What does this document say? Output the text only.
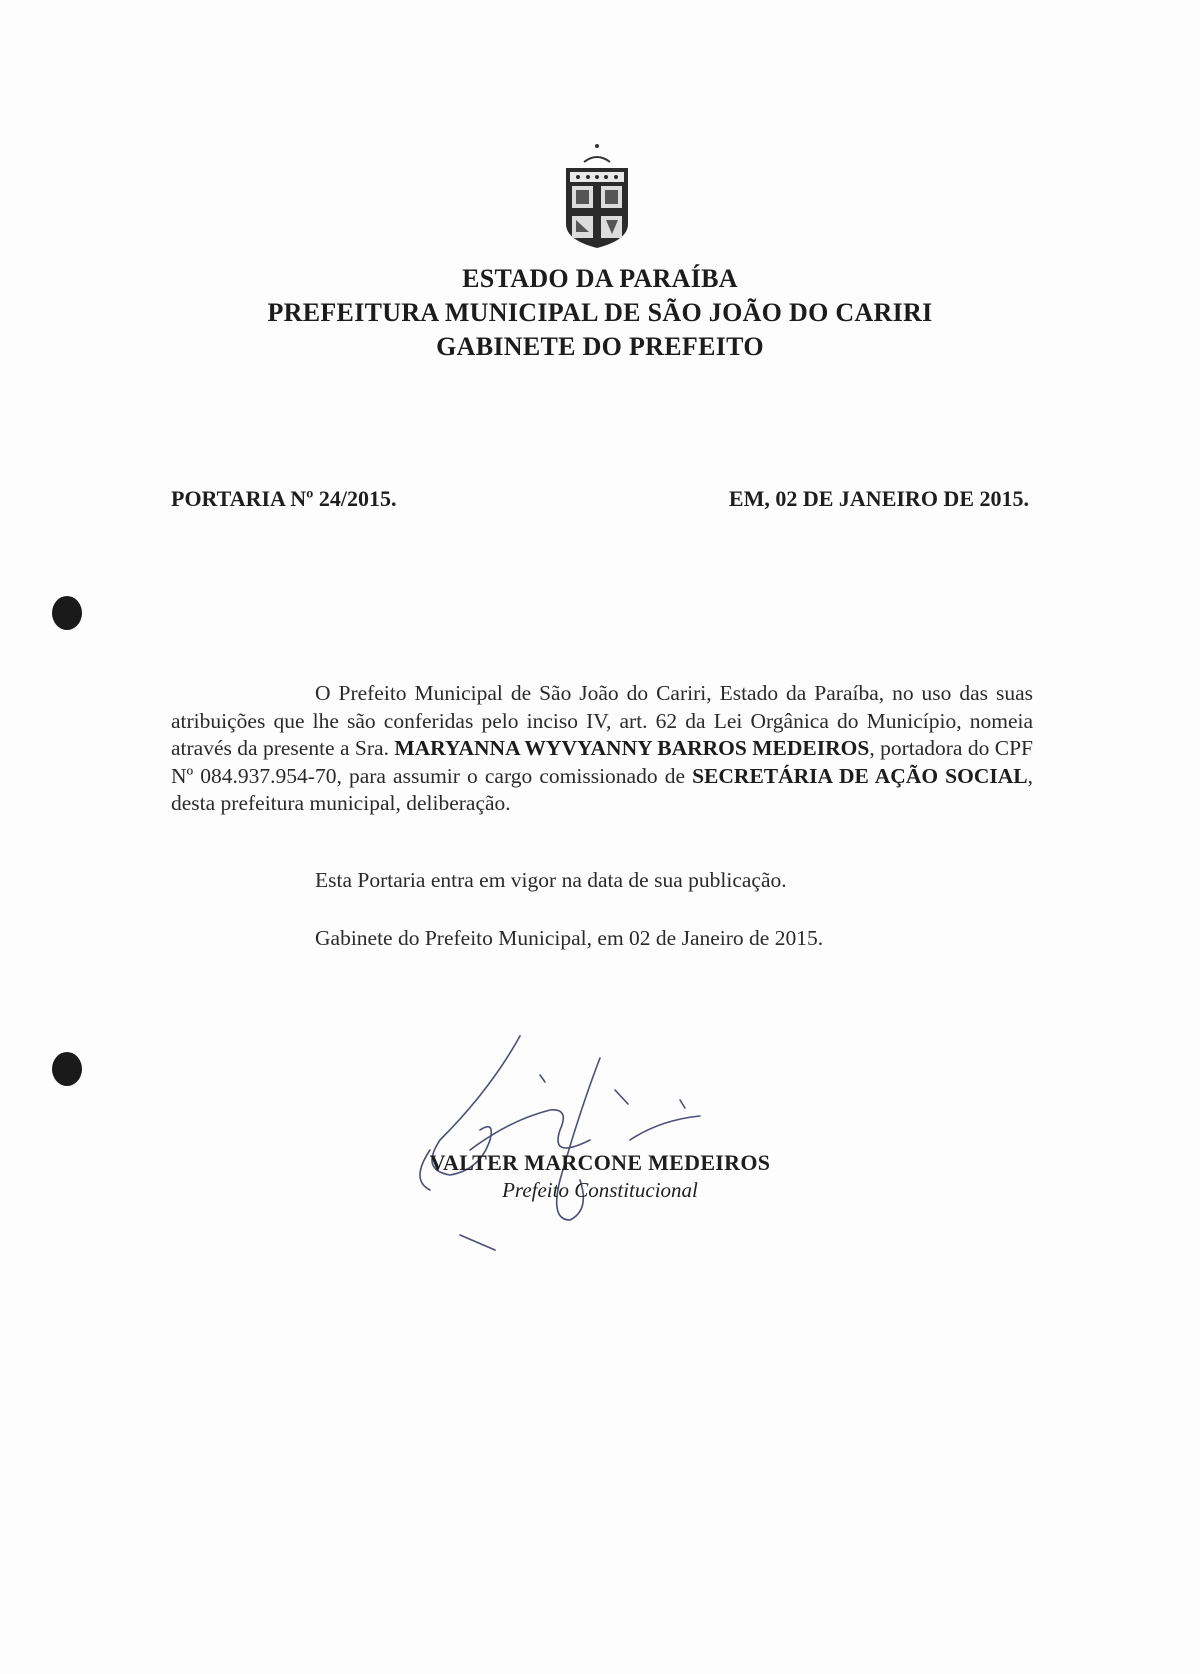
ESTADO DA PARAÍBA
PREFEITURA MUNICIPAL DE SÃO JOÃO DO CARIRI
GABINETE DO PREFEITO
PORTARIA Nº 24/2015.	EM, 02 DE JANEIRO DE 2015.
O Prefeito Municipal de São João do Cariri, Estado da Paraíba, no uso das suas atribuições que lhe são conferidas pelo inciso IV, art. 62 da Lei Orgânica do Município, nomeia através da presente a Sra. MARYANNA WYVYANNY BARROS MEDEIROS, portadora do CPF Nº 084.937.954-70, para assumir o cargo comissionado de SECRETÁRIA DE AÇÃO SOCIAL, desta prefeitura municipal, deliberação.
Esta Portaria entra em vigor na data de sua publicação.
Gabinete do Prefeito Municipal, em 02 de Janeiro de 2015.
VALTER MARCONE MEDEIROS
Prefeito Constitucional
